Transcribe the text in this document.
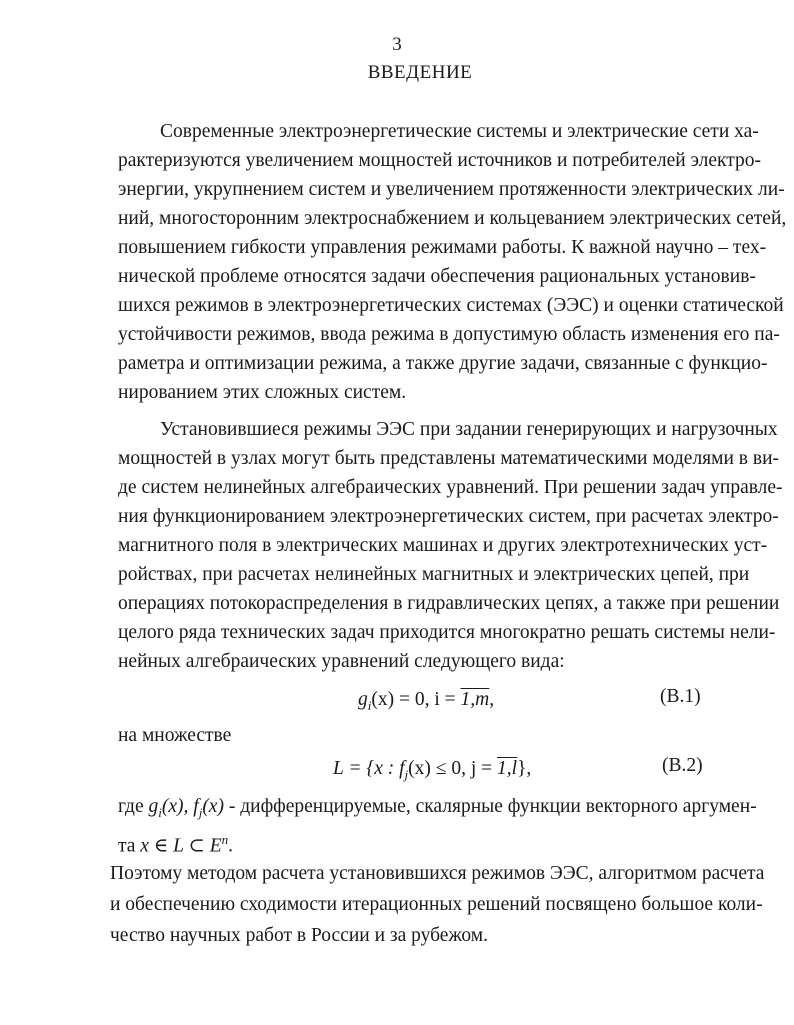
3
ВВЕДЕНИЕ
Современные электроэнергетические системы и электрические сети ха-
рактеризуются увеличением мощностей источников и потребителей электро-
энергии, укрупнением систем и увеличением протяженности электрических ли-
ний, многосторонним электроснабжением и кольцеванием электрических сетей,
повышением гибкости управления режимами работы. К важной научно – тех-
нической проблеме относятся задачи обеспечения рациональных установив-
шихся режимов в электроэнергетических системах (ЭЭС) и оценки статической
устойчивости режимов, ввода режима в допустимую область изменения его па-
раметра и оптимизации режима, а также другие задачи, связанные с функцио-
нированием этих сложных систем.
Установившиеся режимы ЭЭС при задании генерирующих и нагрузочных
мощностей в узлах могут быть представлены математическими моделями в ви-
де систем нелинейных алгебраических уравнений. При решении задач управле-
ния функционированием электроэнергетических систем, при расчетах электро-
магнитного поля в электрических машинах и других электротехнических уст-
ройствах, при расчетах нелинейных магнитных и электрических цепей, при
операциях потокораспределения в гидравлических цепях, а также при решении
целого ряда технических задач приходится многократно решать системы нели-
нейных алгебраических уравнений следующего вида:
$g_i(x) = 0$, i = 1,m,	(В.1)
на множестве
L = {x : $f_j(x) \le 0$, j = 1,l},	(В.2)
где $g_i(x)$, $f_j(x)$ - дифференцируемые, скалярные функции векторного аргумен-
та x ∈ L ⊂ $E^n$.
Поэтому методом расчета установившихся режимов ЭЭС, алгоритмом расчета
и обеспечению сходимости итерационных решений посвящено большое коли-
чество научных работ в России и за рубежом.
